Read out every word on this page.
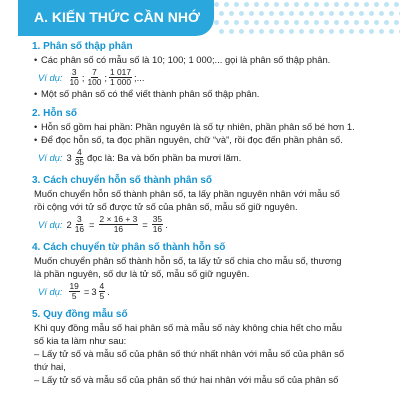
A. KIẾN THỨC CẦN NHỚ
1. Phân số thập phân
• Các phân số có mẫu số là 10; 100; 1 000;... gọi là phân số thập phân.
Ví dụ: $\frac{3}{10}$ ; $\frac{7}{100}$ ; $\frac{1 017}{1 000}$ ;...
• Một số phân số có thể viết thành phân số thập phân.
2. Hỗn số
• Hỗn số gồm hai phần: Phần nguyên là số tự nhiên, phần phân số bé hơn 1.
• Để đọc hỗn số, ta đọc phần nguyên, chữ “và”, rồi đọc đến phần phân số.
Ví dụ: $3 \frac{4}{35}$ đọc là: Ba và bốn phần ba mươi lăm.
3. Cách chuyển hỗn số thành phân số
Muốn chuyển hỗn số thành phân số, ta lấy phần nguyên nhân với mẫu số
rồi cộng với tử số được tử số của phân số, mẫu số giữ nguyên.
Ví dụ: $2 \frac{3}{16} = \frac{2 \times 16 + 3}{16} = \frac{35}{16}$ .
4. Cách chuyển từ phân số thành hỗn số
Muốn chuyển phân số thành hỗn số, ta lấy tử số chia cho mẫu số, thương
là phần nguyên, số dư là tử số, mẫu số giữ nguyên.
Ví dụ: $\frac{19}{5} = 3 \frac{4}{5}$ .
5. Quy đồng mẫu số
Khi quy đồng mẫu số hai phân số mà mẫu số này không chia hết cho mẫu
số kia ta làm như sau:
– Lấy tử số và mẫu số của phân số thứ nhất nhân với mẫu số của phân số
thứ hai,
– Lấy tử số và mẫu số của phân số thứ hai nhân với mẫu số của phân số
